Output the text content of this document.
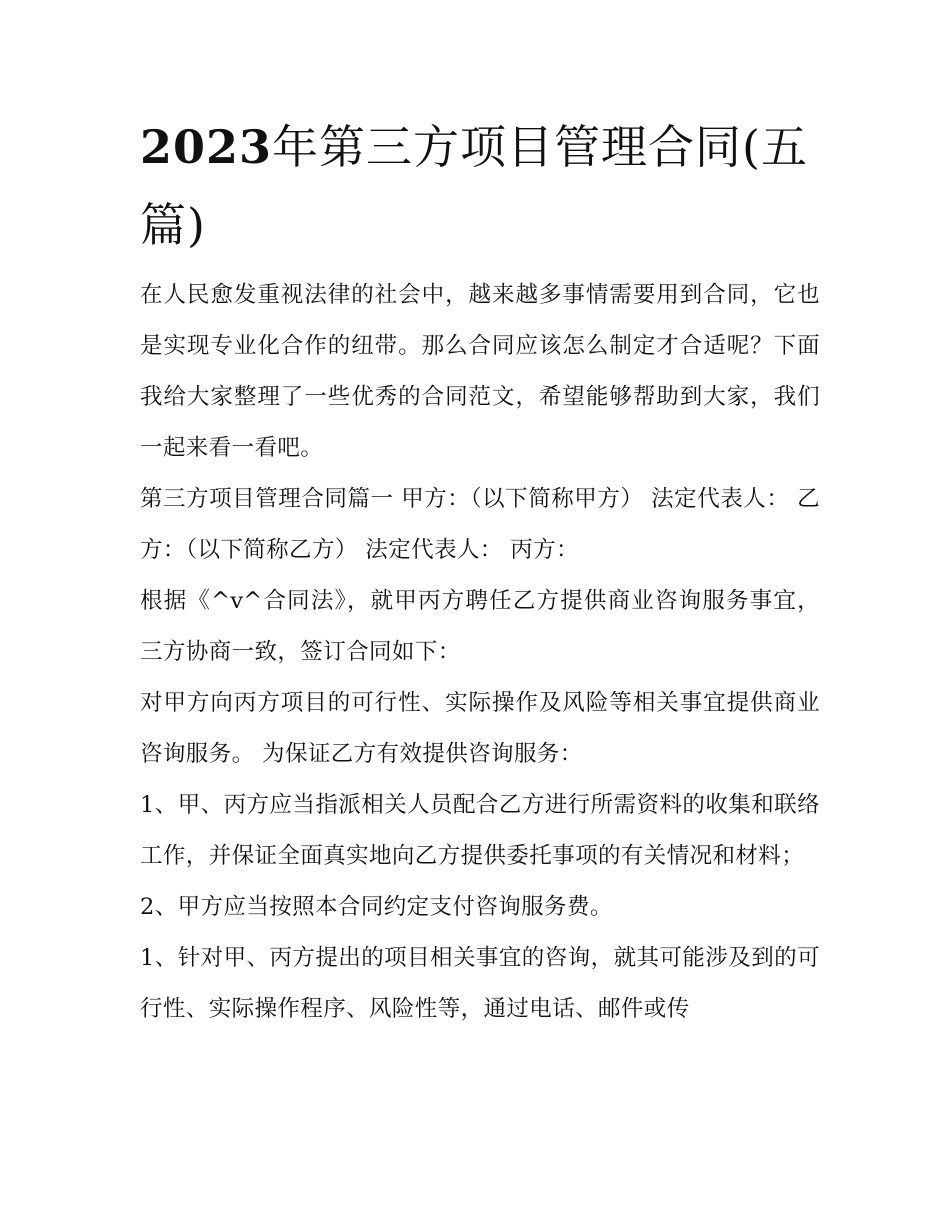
2023年第三方项目管理合同(五篇)

在人民愈发重视法律的社会中，越来越多事情需要用到合同，它也是实现专业化合作的纽带。那么合同应该怎么制定才合适呢？下面我给大家整理了一些优秀的合同范文，希望能够帮助到大家，我们一起来看一看吧。

第三方项目管理合同篇一 甲方：（以下简称甲方） 法定代表人： 乙方：（以下简称乙方） 法定代表人： 丙方：

根据《^v^合同法》，就甲丙方聘任乙方提供商业咨询服务事宜，三方协商一致，签订合同如下：

对甲方向丙方项目的可行性、实际操作及风险等相关事宜提供商业咨询服务。 为保证乙方有效提供咨询服务：

1、甲、丙方应当指派相关人员配合乙方进行所需资料的收集和联络工作，并保证全面真实地向乙方提供委托事项的有关情况和材料；

2、甲方应当按照本合同约定支付咨询服务费。

1、针对甲、丙方提出的项目相关事宜的咨询，就其可能涉及到的可行性、实际操作程序、风险性等，通过电话、邮件或传
